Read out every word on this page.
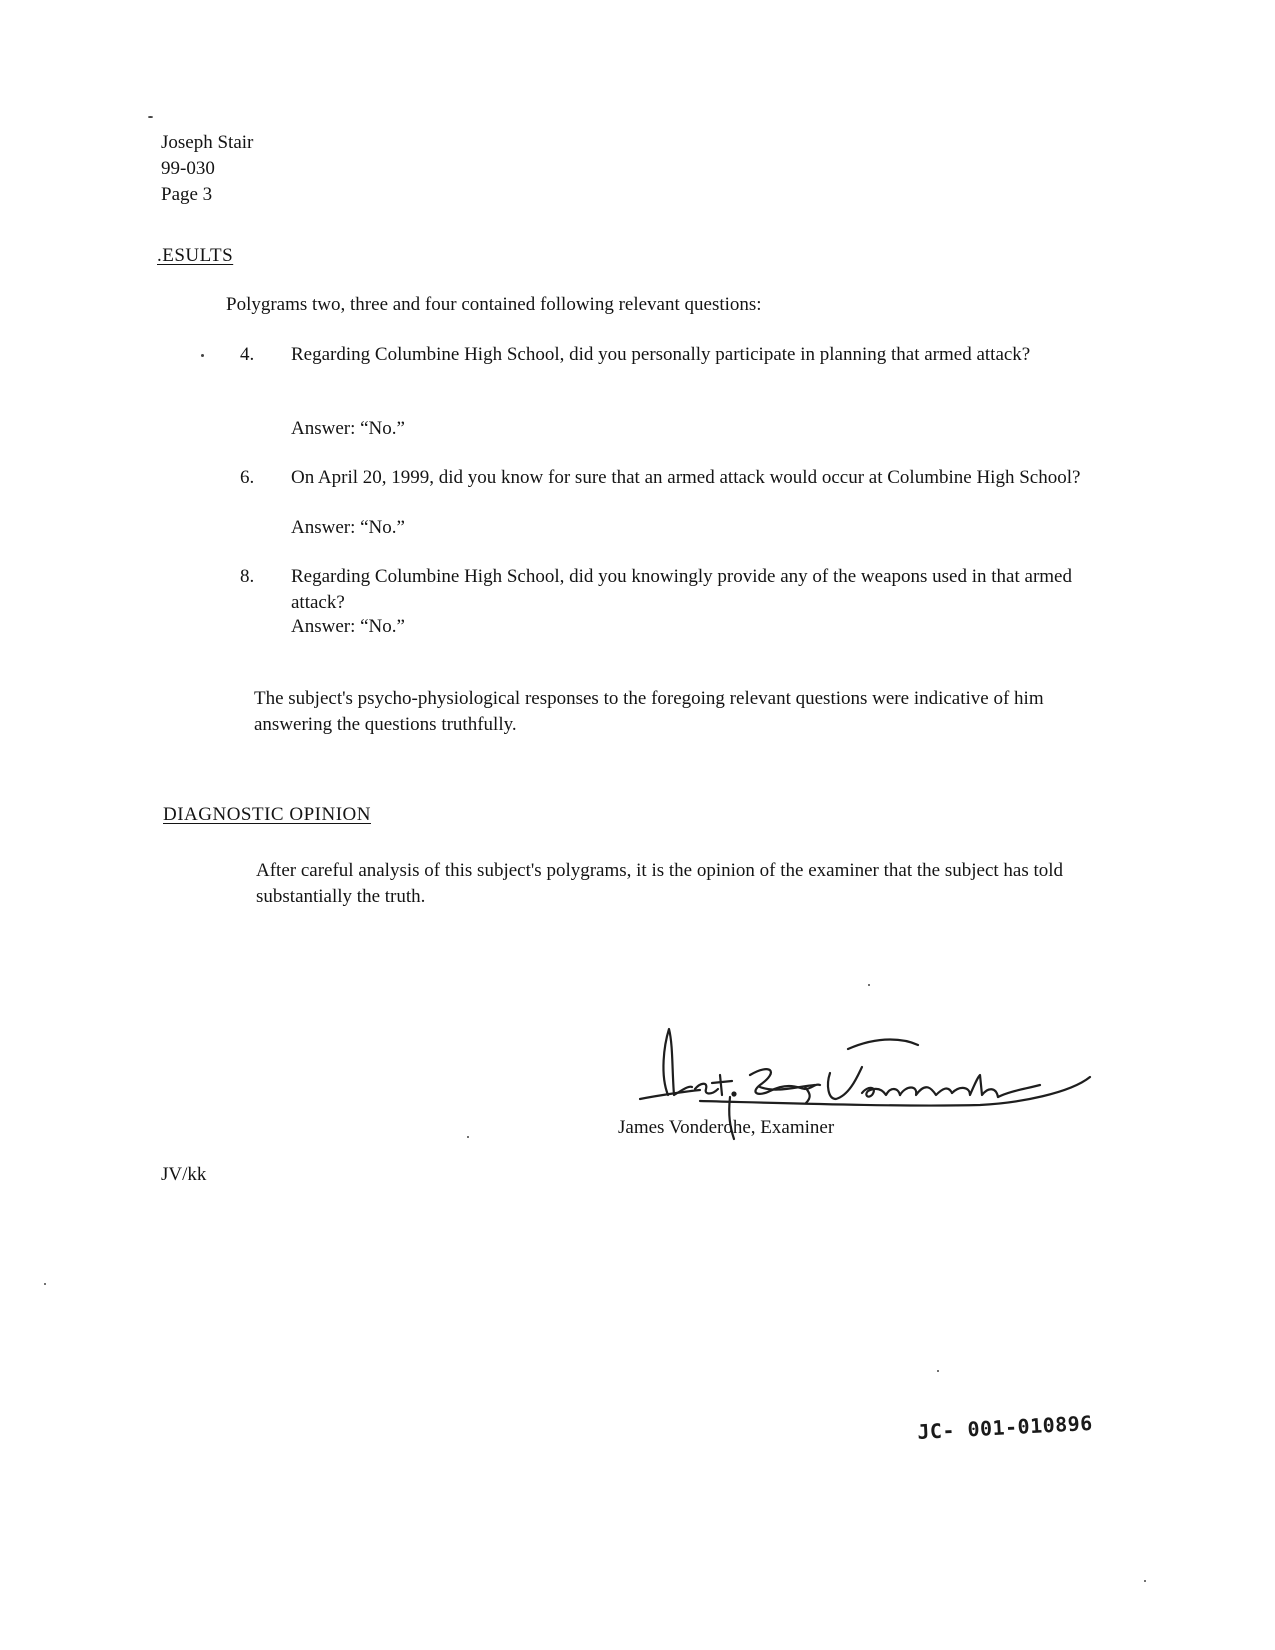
Joseph Stair
99-030
Page 3
.ESULTS
Polygrams two, three and four contained following relevant questions:
4.	Regarding Columbine High School, did you personally participate in planning that armed attack?
Answer: “No.”
6.	On April 20, 1999, did you know for sure that an armed attack would occur at Columbine High School?
Answer: “No.”
8.	Regarding Columbine High School, did you knowingly provide any of the weapons used in that armed attack?
Answer: “No.”
The subject's psycho-physiological responses to the foregoing relevant questions were indicative of him answering the questions truthfully.
DIAGNOSTIC OPINION
After careful analysis of this subject's polygrams, it is the opinion of the examiner that the subject has told substantially the truth.
James Vonderohe, Examiner
JV/kk
JC- 001-010896
